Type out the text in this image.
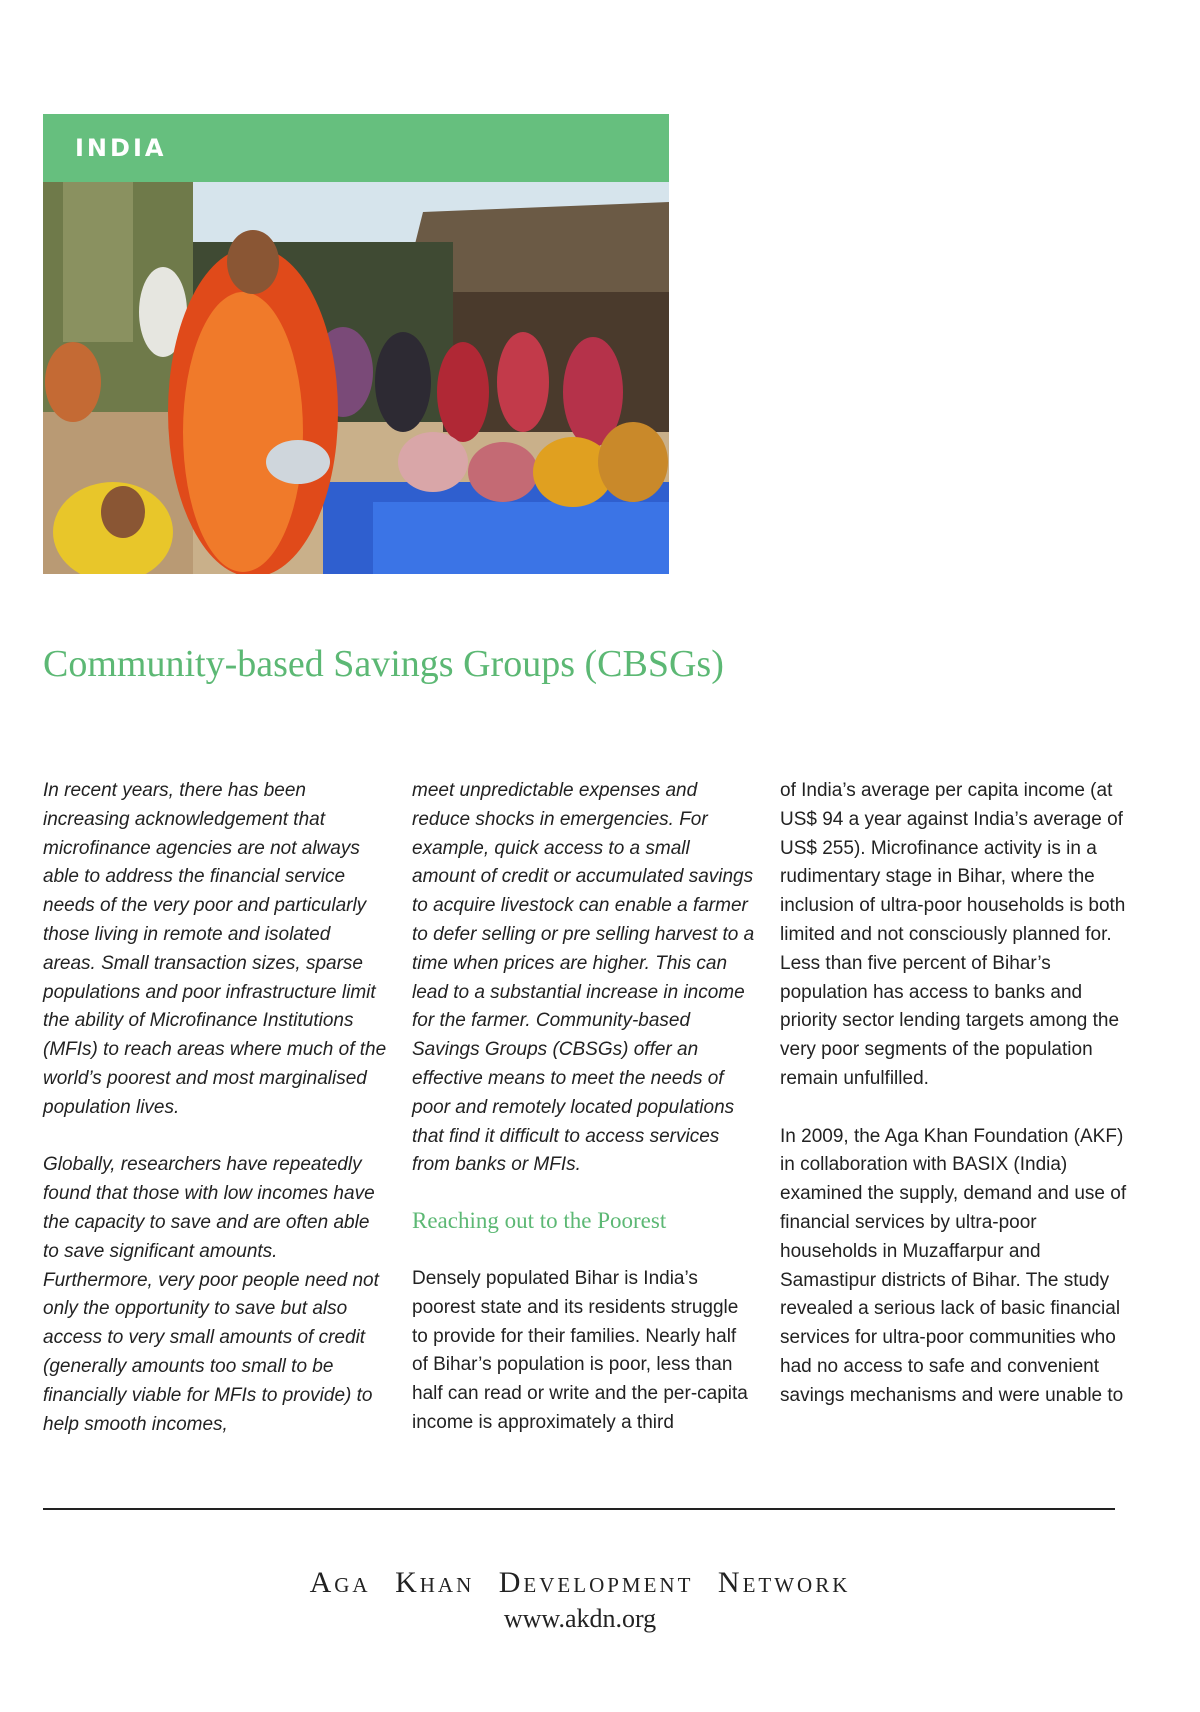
INDIA
Community-based Savings Groups (CBSGs)

In recent years, there has been increasing acknowledgement that microfinance agencies are not always able to address the financial service needs of the very poor and particularly those living in remote and isolated areas. Small transaction sizes, sparse populations and poor infrastructure limit the ability of Microfinance Institutions (MFIs) to reach areas where much of the world’s poorest and most marginalised population lives.

Globally, researchers have repeatedly found that those with low incomes have the capacity to save and are often able to save significant amounts. Furthermore, very poor people need not only the opportunity to save but also access to very small amounts of credit (generally amounts too small to be financially viable for MFIs to provide) to help smooth incomes,

meet unpredictable expenses and reduce shocks in emergencies. For example, quick access to a small amount of credit or accumulated savings to acquire livestock can enable a farmer to defer selling or pre selling harvest to a time when prices are higher. This can lead to a substantial increase in income for the farmer. Community-based Savings Groups (CBSGs) offer an effective means to meet the needs of poor and remotely located populations that find it difficult to access services from banks or MFIs.

Reaching out to the Poorest

Densely populated Bihar is India’s poorest state and its residents struggle to provide for their families. Nearly half of Bihar’s population is poor, less than half can read or write and the per-capita income is approximately a third

of India’s average per capita income (at US$ 94 a year against India’s average of US$ 255). Microfinance activity is in a rudimentary stage in Bihar, where the inclusion of ultra-poor households is both limited and not consciously planned for. Less than five percent of Bihar’s population has access to banks and priority sector lending targets among the very poor segments of the population remain unfulfilled.

In 2009, the Aga Khan Foundation (AKF) in collaboration with BASIX (India) examined the supply, demand and use of financial services by ultra-poor households in Muzaffarpur and Samastipur districts of Bihar. The study revealed a serious lack of basic financial services for ultra-poor communities who had no access to safe and convenient savings mechanisms and were unable to

Aga Khan Development Network
www.akdn.org
